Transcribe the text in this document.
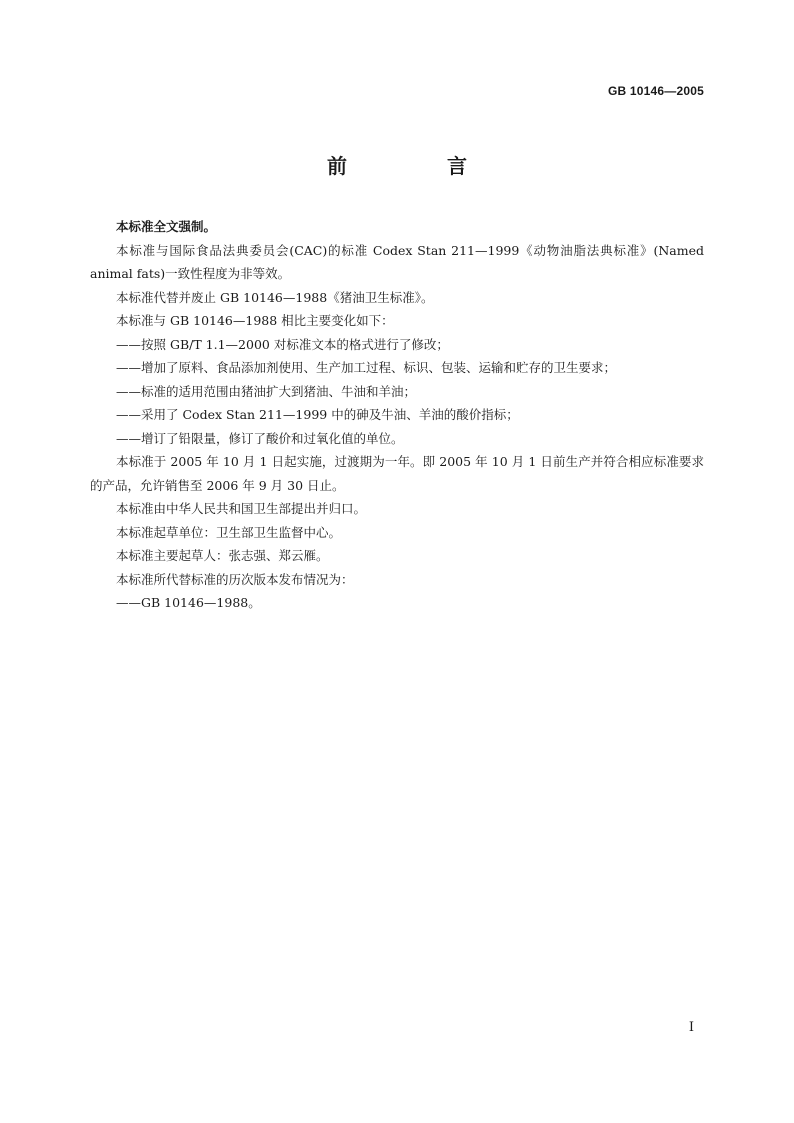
GB 10146—2005
前　言

本标准全文强制。

本标准与国际食品法典委员会(CAC)的标准 Codex Stan 211—1999《动物油脂法典标准》(Named animal fats)一致性程度为非等效。

本标准代替并废止 GB 10146—1988《猪油卫生标准》。

本标准与 GB 10146—1988 相比主要变化如下：

——按照 GB/T 1.1—2000 对标准文本的格式进行了修改；

——增加了原料、食品添加剂使用、生产加工过程、标识、包装、运输和贮存的卫生要求；

——标准的适用范围由猪油扩大到猪油、牛油和羊油；

——采用了 Codex Stan 211—1999 中的砷及牛油、羊油的酸价指标；

——增订了铅限量，修订了酸价和过氧化值的单位。

本标准于 2005 年 10 月 1 日起实施，过渡期为一年。即 2005 年 10 月 1 日前生产并符合相应标准要求的产品，允许销售至 2006 年 9 月 30 日止。

本标准由中华人民共和国卫生部提出并归口。

本标准起草单位：卫生部卫生监督中心。

本标准主要起草人：张志强、郑云雁。

本标准所代替标准的历次版本发布情况为：

——GB 10146—1988。

I
